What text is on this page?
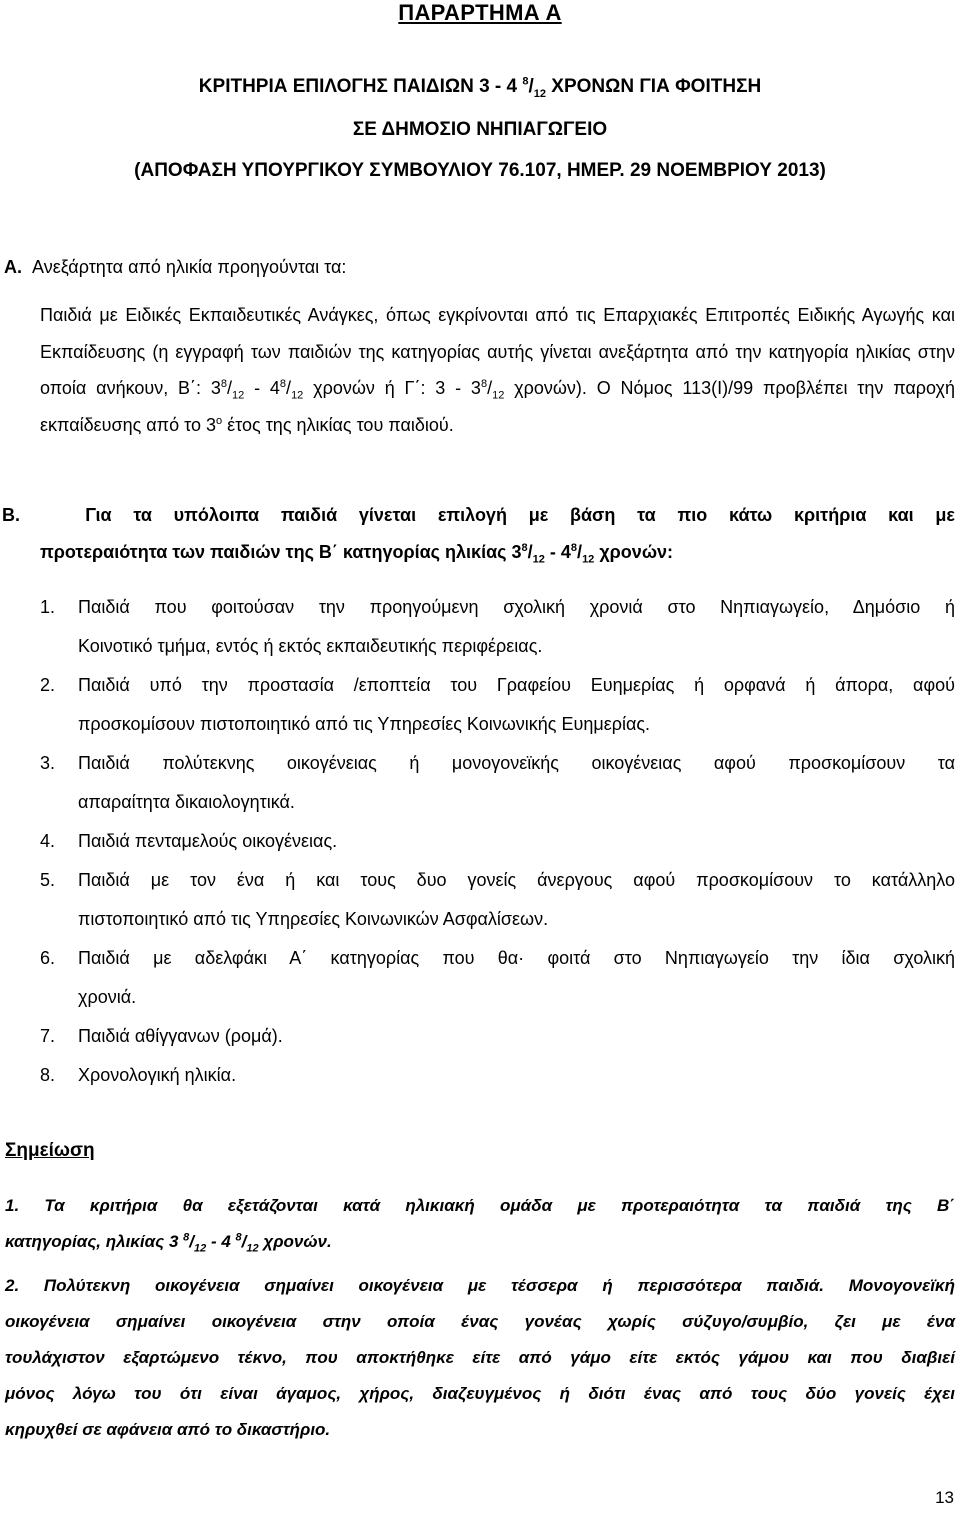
ΠΑΡΑΡΤΗΜΑ Α
ΚΡΙΤΗΡΙΑ ΕΠΙΛΟΓΗΣ ΠΑΙΔΙΩΝ 3 - 4 $^8/_{12}$ ΧΡΟΝΩΝ ΓΙΑ ΦΟΙΤΗΣΗ
ΣΕ ΔΗΜΟΣΙΟ ΝΗΠΙΑΓΩΓΕΙΟ
(ΑΠΟΦΑΣΗ ΥΠΟΥΡΓΙΚΟΥ ΣΥΜΒΟΥΛΙΟΥ 76.107, ΗΜΕΡ. 29 ΝΟΕΜΒΡΙΟΥ 2013)
A. Ανεξάρτητα από ηλικία προηγούνται τα:
Παιδιά με Ειδικές Εκπαιδευτικές Ανάγκες, όπως εγκρίνονται από τις Επαρχιακές Επιτροπές Ειδικής Αγωγής και Εκπαίδευσης (η εγγραφή των παιδιών της κατηγορίας αυτής γίνεται ανεξάρτητα από την κατηγορία ηλικίας στην οποία ανήκουν, Β΄: $3^8/_{12} - 4^8/_{12}$ χρονών ή Γ΄: $3 - 3^8/_{12}$ χρονών). Ο Νόμος 113(Ι)/99 προβλέπει την παροχή εκπαίδευσης από το $3^o$ έτος της ηλικίας του παιδιού.
B.	Για τα υπόλοιπα παιδιά γίνεται επιλογή με βάση τα πιο κάτω κριτήρια και με
προτεραιότητα των παιδιών της Β΄ κατηγορίας ηλικίας $3^8/_{12} - 4^8/_{12}$ χρονών:
1. Παιδιά που φοιτούσαν την προηγούμενη σχολική χρονιά στο Νηπιαγωγείο, Δημόσιο ή
Κοινοτικό τμήμα, εντός ή εκτός εκπαιδευτικής περιφέρειας.
2. Παιδιά υπό την προστασία /εποπτεία του Γραφείου Ευημερίας ή ορφανά ή άπορα, αφού
προσκομίσουν πιστοποιητικό από τις Υπηρεσίες Κοινωνικής Ευημερίας.
3. Παιδιά πολύτεκνης οικογένειας ή μονογονεϊκής οικογένειας αφού προσκομίσουν τα
απαραίτητα δικαιολογητικά.
4. Παιδιά πενταμελούς οικογένειας.
5. Παιδιά με τον ένα ή και τους δυο γονείς άνεργους αφού προσκομίσουν το κατάλληλο
πιστοποιητικό από τις Υπηρεσίες Κοινωνικών Ασφαλίσεων.
6. Παιδιά με αδελφάκι Α΄ κατηγορίας που θα· φοιτά στο Νηπιαγωγείο την ίδια σχολική
χρονιά.
7. Παιδιά αθίγγανων (ρομά).
8. Χρονολογική ηλικία.
Σημείωση

1. Τα κριτήρια θα εξετάζονται κατά ηλικιακή ομάδα με προτεραιότητα τα παιδιά της Β΄
κατηγορίας, ηλικίας 3 $^8/_{12} - 4$ $^8/_{12}$ χρονών.

2. Πολύτεκνη οικογένεια σημαίνει οικογένεια με τέσσερα ή περισσότερα παιδιά. Μονογονεϊκή
οικογένεια σημαίνει οικογένεια στην οποία ένας γονέας χωρίς σύζυγο/συμβίο, ζει με ένα
τουλάχιστον εξαρτώμενο τέκνο, που αποκτήθηκε είτε από γάμο είτε εκτός γάμου και που διαβιεί
μόνος λόγω του ότι είναι άγαμος, χήρος, διαζευγμένος ή διότι ένας από τους δύο γονείς έχει
κηρυχθεί σε αφάνεια από το δικαστήριο.

13
